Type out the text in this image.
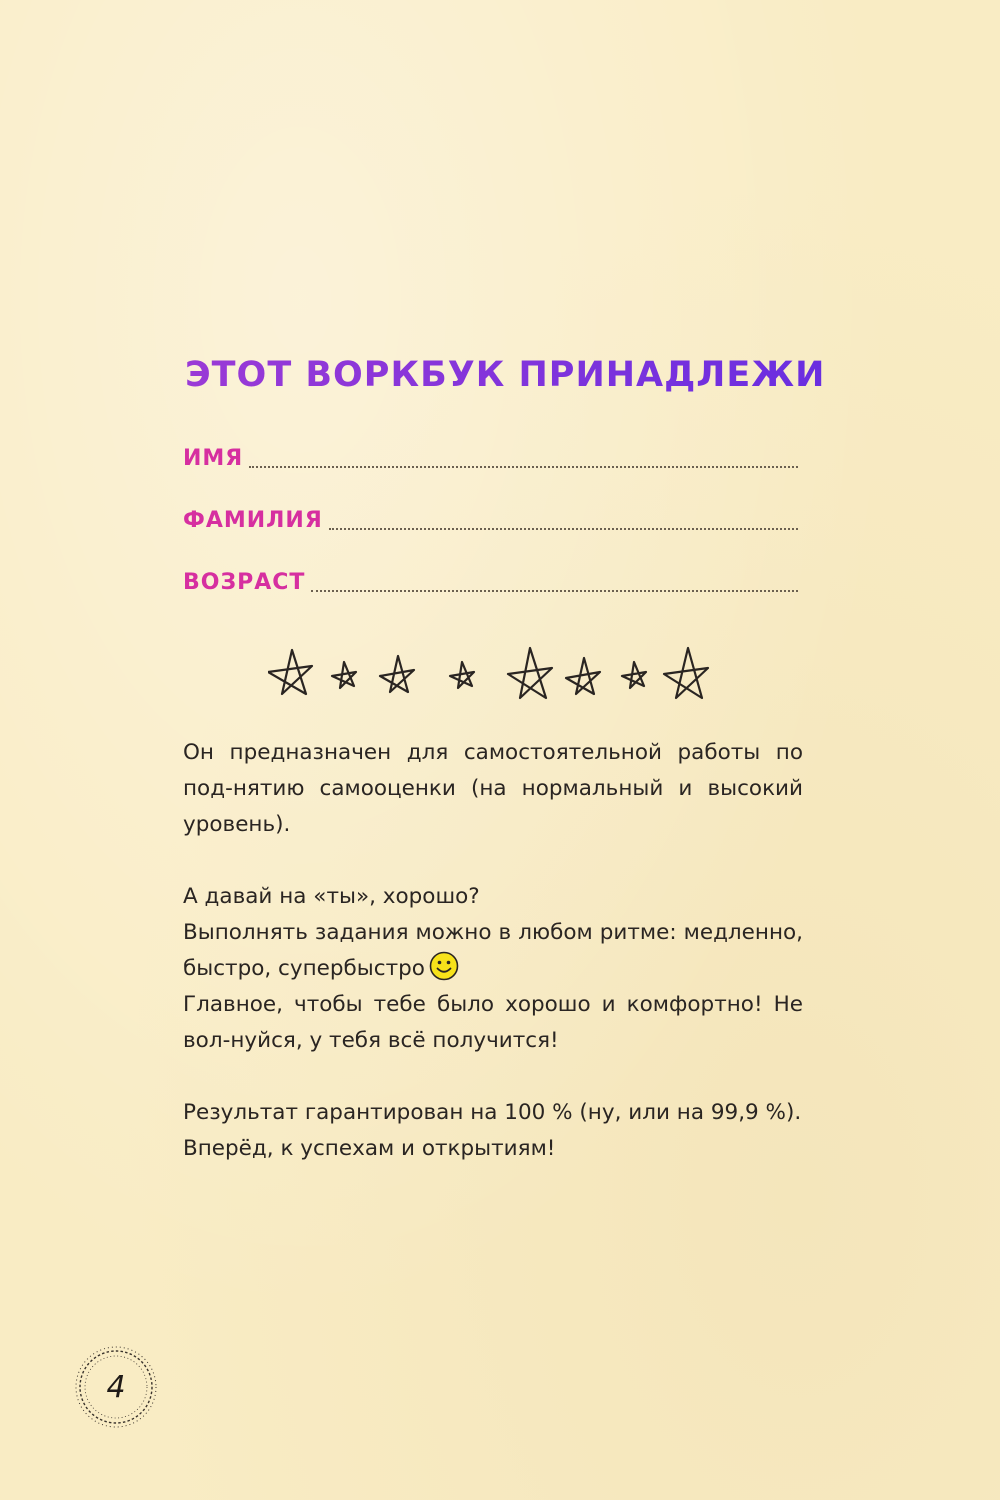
ЭТОТ ВОРКБУК ПРИНАДЛЕЖИТ:
ИМЯ
ФАМИЛИЯ
ВОЗРАСТ

Он предназначен для самостоятельной работы по под-нятию самооценки (на нормальный и высокий уровень).

А давай на «ты», хорошо?

Выполнять задания можно в любом ритме: медленно, быстро, супербыстро

Главное, чтобы тебе было хорошо и комфортно! Не вол-нуйся, у тебя всё получится!

Результат гарантирован на 100 % (ну, или на 99,9 %).

Вперёд, к успехам и открытиям!

4
